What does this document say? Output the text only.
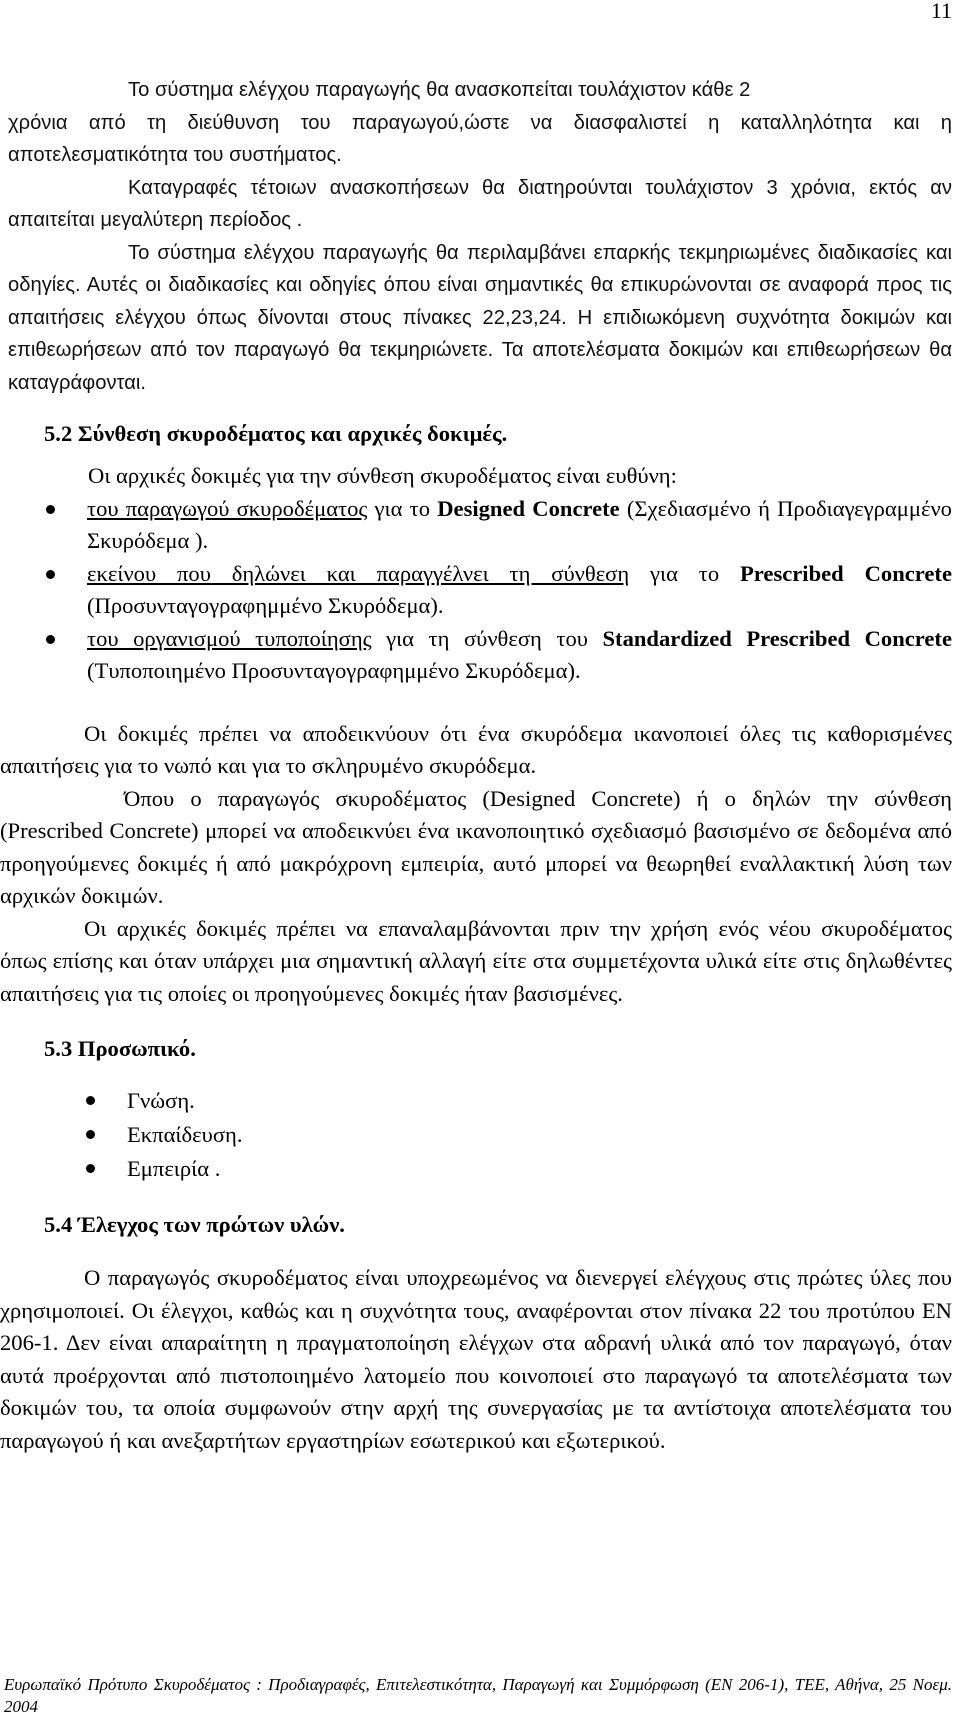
11

Το σύστημα ελέγχου παραγωγής θα ανασκοπείται τουλάχιστον κάθε 2
χρόνια από τη διεύθυνση του παραγωγού,ώστε να διασφαλιστεί η καταλληλότητα και η αποτελεσματικότητα του συστήματος.

Καταγραφές τέτοιων ανασκοπήσεων θα διατηρούνται τουλάχιστον 3 χρόνια, εκτός αν απαιτείται μεγαλύτερη περίοδος .

Το σύστημα ελέγχου παραγωγής θα περιλαμβάνει επαρκής τεκμηριωμένες διαδικασίες και οδηγίες. Αυτές οι διαδικασίες και οδηγίες όπου είναι σημαντικές θα επικυρώνονται σε αναφορά προς τις απαιτήσεις ελέγχου όπως δίνονται στους πίνακες 22,23,24. Η επιδιωκόμενη συχνότητα δοκιμών και επιθεωρήσεων από τον παραγωγό θα τεκμηριώνετε. Τα αποτελέσματα δοκιμών και επιθεωρήσεων θα καταγράφονται.

5.2 Σύνθεση σκυροδέματος και αρχικές δοκιμές.

Οι αρχικές δοκιμές για την σύνθεση σκυροδέματος είναι ευθύνη:

του παραγωγού σκυροδέματος για το Designed Concrete (Σχεδιασμένο ή Προδιαγεγραμμένο Σκυρόδεμα ).
εκείνου που δηλώνει και παραγγέλνει τη σύνθεση για το Prescribed Concrete (Προσυνταγογραφημμένο Σκυρόδεμα).
του οργανισμού τυποποίησης για τη σύνθεση του Standardized Prescribed Concrete (Τυποποιημένο Προσυνταγογραφημμένο Σκυρόδεμα).

Οι δοκιμές πρέπει να αποδεικνύουν ότι ένα σκυρόδεμα ικανοποιεί όλες τις καθορισμένες απαιτήσεις για το νωπό και για το σκληρυμένο σκυρόδεμα.

Όπου ο παραγωγός σκυροδέματος (Designed Concrete) ή ο δηλών την σύνθεση (Prescribed Concrete) μπορεί να αποδεικνύει ένα ικανοποιητικό σχεδιασμό βασισμένο σε δεδομένα από προηγούμενες δοκιμές ή από μακρόχρονη εμπειρία, αυτό μπορεί να θεωρηθεί εναλλακτική λύση των αρχικών δοκιμών.

Οι αρχικές δοκιμές πρέπει να επαναλαμβάνονται πριν την χρήση ενός νέου σκυροδέματος όπως επίσης και όταν υπάρχει μια σημαντική αλλαγή είτε στα συμμετέχοντα υλικά είτε στις δηλωθέντες απαιτήσεις για τις οποίες οι προηγούμενες δοκιμές ήταν βασισμένες.

5.3 Προσωπικό.
Γνώση.
Εκπαίδευση.
Εμπειρία .
5.4 Έλεγχος των πρώτων υλών.

Ο παραγωγός σκυροδέματος είναι υποχρεωμένος να διενεργεί ελέγχους στις πρώτες ύλες που χρησιμοποιεί. Οι έλεγχοι, καθώς και η συχνότητα τους, αναφέρονται στον πίνακα 22 του προτύπου ΕΝ 206-1. Δεν είναι απαραίτητη η πραγματοποίηση ελέγχων στα αδρανή υλικά από τον παραγωγό, όταν αυτά προέρχονται από πιστοποιημένο λατομείο που κοινοποιεί στο παραγωγό τα αποτελέσματα των δοκιμών του, τα οποία συμφωνούν στην αρχή της συνεργασίας με τα αντίστοιχα αποτελέσματα του παραγωγού ή και ανεξαρτήτων εργαστηρίων εσωτερικού και εξωτερικού.

Ευρωπαϊκό Πρότυπο Σκυροδέματος : Προδιαγραφές, Επιτελεστικότητα, Παραγωγή και Συμμόρφωση (ΕΝ 206-1), ΤΕΕ, Αθήνα, 25 Νοεμ. 2004
